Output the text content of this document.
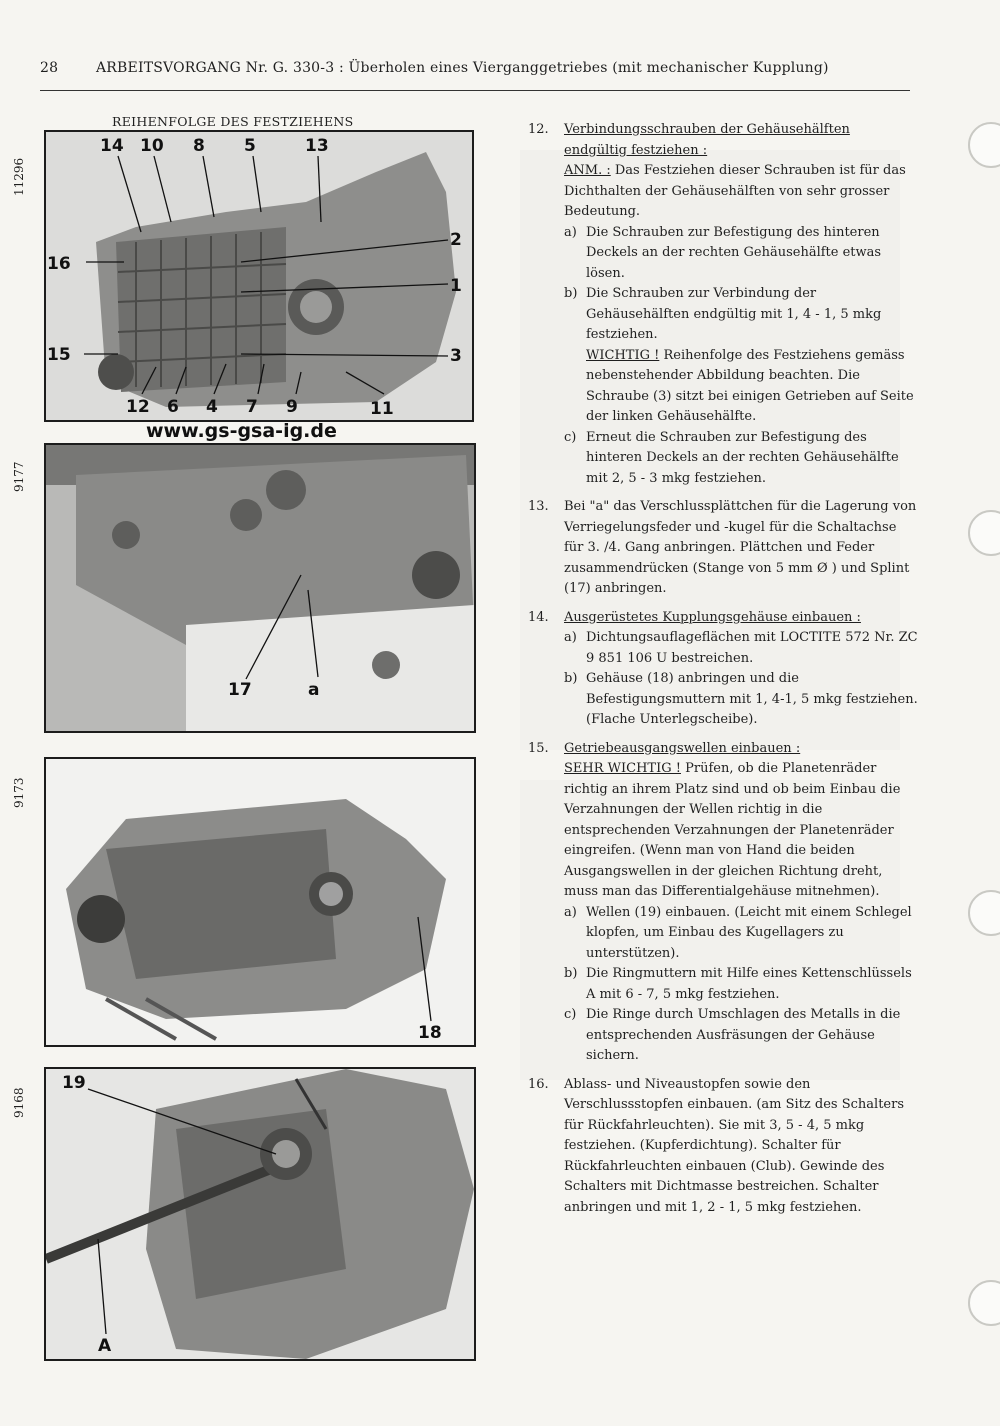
28	ARBEITSVORGANG Nr. G. 330-3 : Überholen eines Vierganggetriebes (mit mechanischer Kupplung)
11296
9177
9173
9168
REIHENFOLGE DES FESTZIEHENS
14 10 8 5	13
2
16
1
15	3
12 6 4 7 9	11
www.gs-gsa-ig.de
17	a
18
19
A
12. Verbindungsschrauben der Gehäusehälften
endgültig festziehen :
ANM. : Das Festziehen dieser Schrauben ist für das Dichthalten der Gehäusehälften von sehr grosser Bedeutung.
a) Die Schrauben zur Befestigung des hinteren Deckels an der rechten Gehäusehälfte etwas lösen.
b) Die Schrauben zur Verbindung der Gehäusehälften endgültig mit 1, 4 - 1, 5 mkg festziehen.
WICHTIG ! Reihenfolge des Festziehens gemäss nebenstehender Abbildung beachten. Die Schraube (3) sitzt bei einigen Getrieben auf Seite der linken Gehäusehälfte.
c) Erneut die Schrauben zur Befestigung des hinteren Deckels an der rechten Gehäusehälfte mit 2, 5 - 3 mkg festziehen.
13. Bei "a" das Verschlussplättchen für die Lagerung von Verriegelungsfeder und -kugel für die Schaltachse für 3. /4. Gang anbringen. Plättchen und Feder zusammendrücken (Stange von 5 mm Ø ) und Splint (17) anbringen.
14. Ausgerüstetes Kupplungsgehäuse einbauen :
a) Dichtungsauflageflächen mit LOCTITE 572 Nr. ZC 9 851 106 U bestreichen.
b) Gehäuse (18) anbringen und die Befestigungsmuttern mit 1, 4-1, 5 mkg festziehen. (Flache Unterlegscheibe).
15. Getriebeausgangswellen einbauen :
SEHR WICHTIG ! Prüfen, ob die Planetenräder richtig an ihrem Platz sind und ob beim Einbau die Verzahnungen der Wellen richtig in die entsprechenden Verzahnungen der Planetenräder eingreifen. (Wenn man von Hand die beiden Ausgangswellen in der gleichen Richtung dreht, muss man das Differentialgehäuse mitnehmen).
a) Wellen (19) einbauen. (Leicht mit einem Schlegel klopfen, um Einbau des Kugellagers zu unterstützen).
b) Die Ringmuttern mit Hilfe eines Kettenschlüssels A mit 6 - 7, 5 mkg festziehen.
c) Die Ringe durch Umschlagen des Metalls in die entsprechenden Ausfräsungen der Gehäuse sichern.
16. Ablass- und Niveaustopfen sowie den Verschlussstopfen einbauen. (am Sitz des Schalters für Rückfahrleuchten). Sie mit 3, 5 - 4, 5 mkg festziehen. (Kupferdichtung). Schalter für Rückfahrleuchten einbauen (Club). Gewinde des Schalters mit Dichtmasse bestreichen. Schalter anbringen und mit 1, 2 - 1, 5 mkg festziehen.
